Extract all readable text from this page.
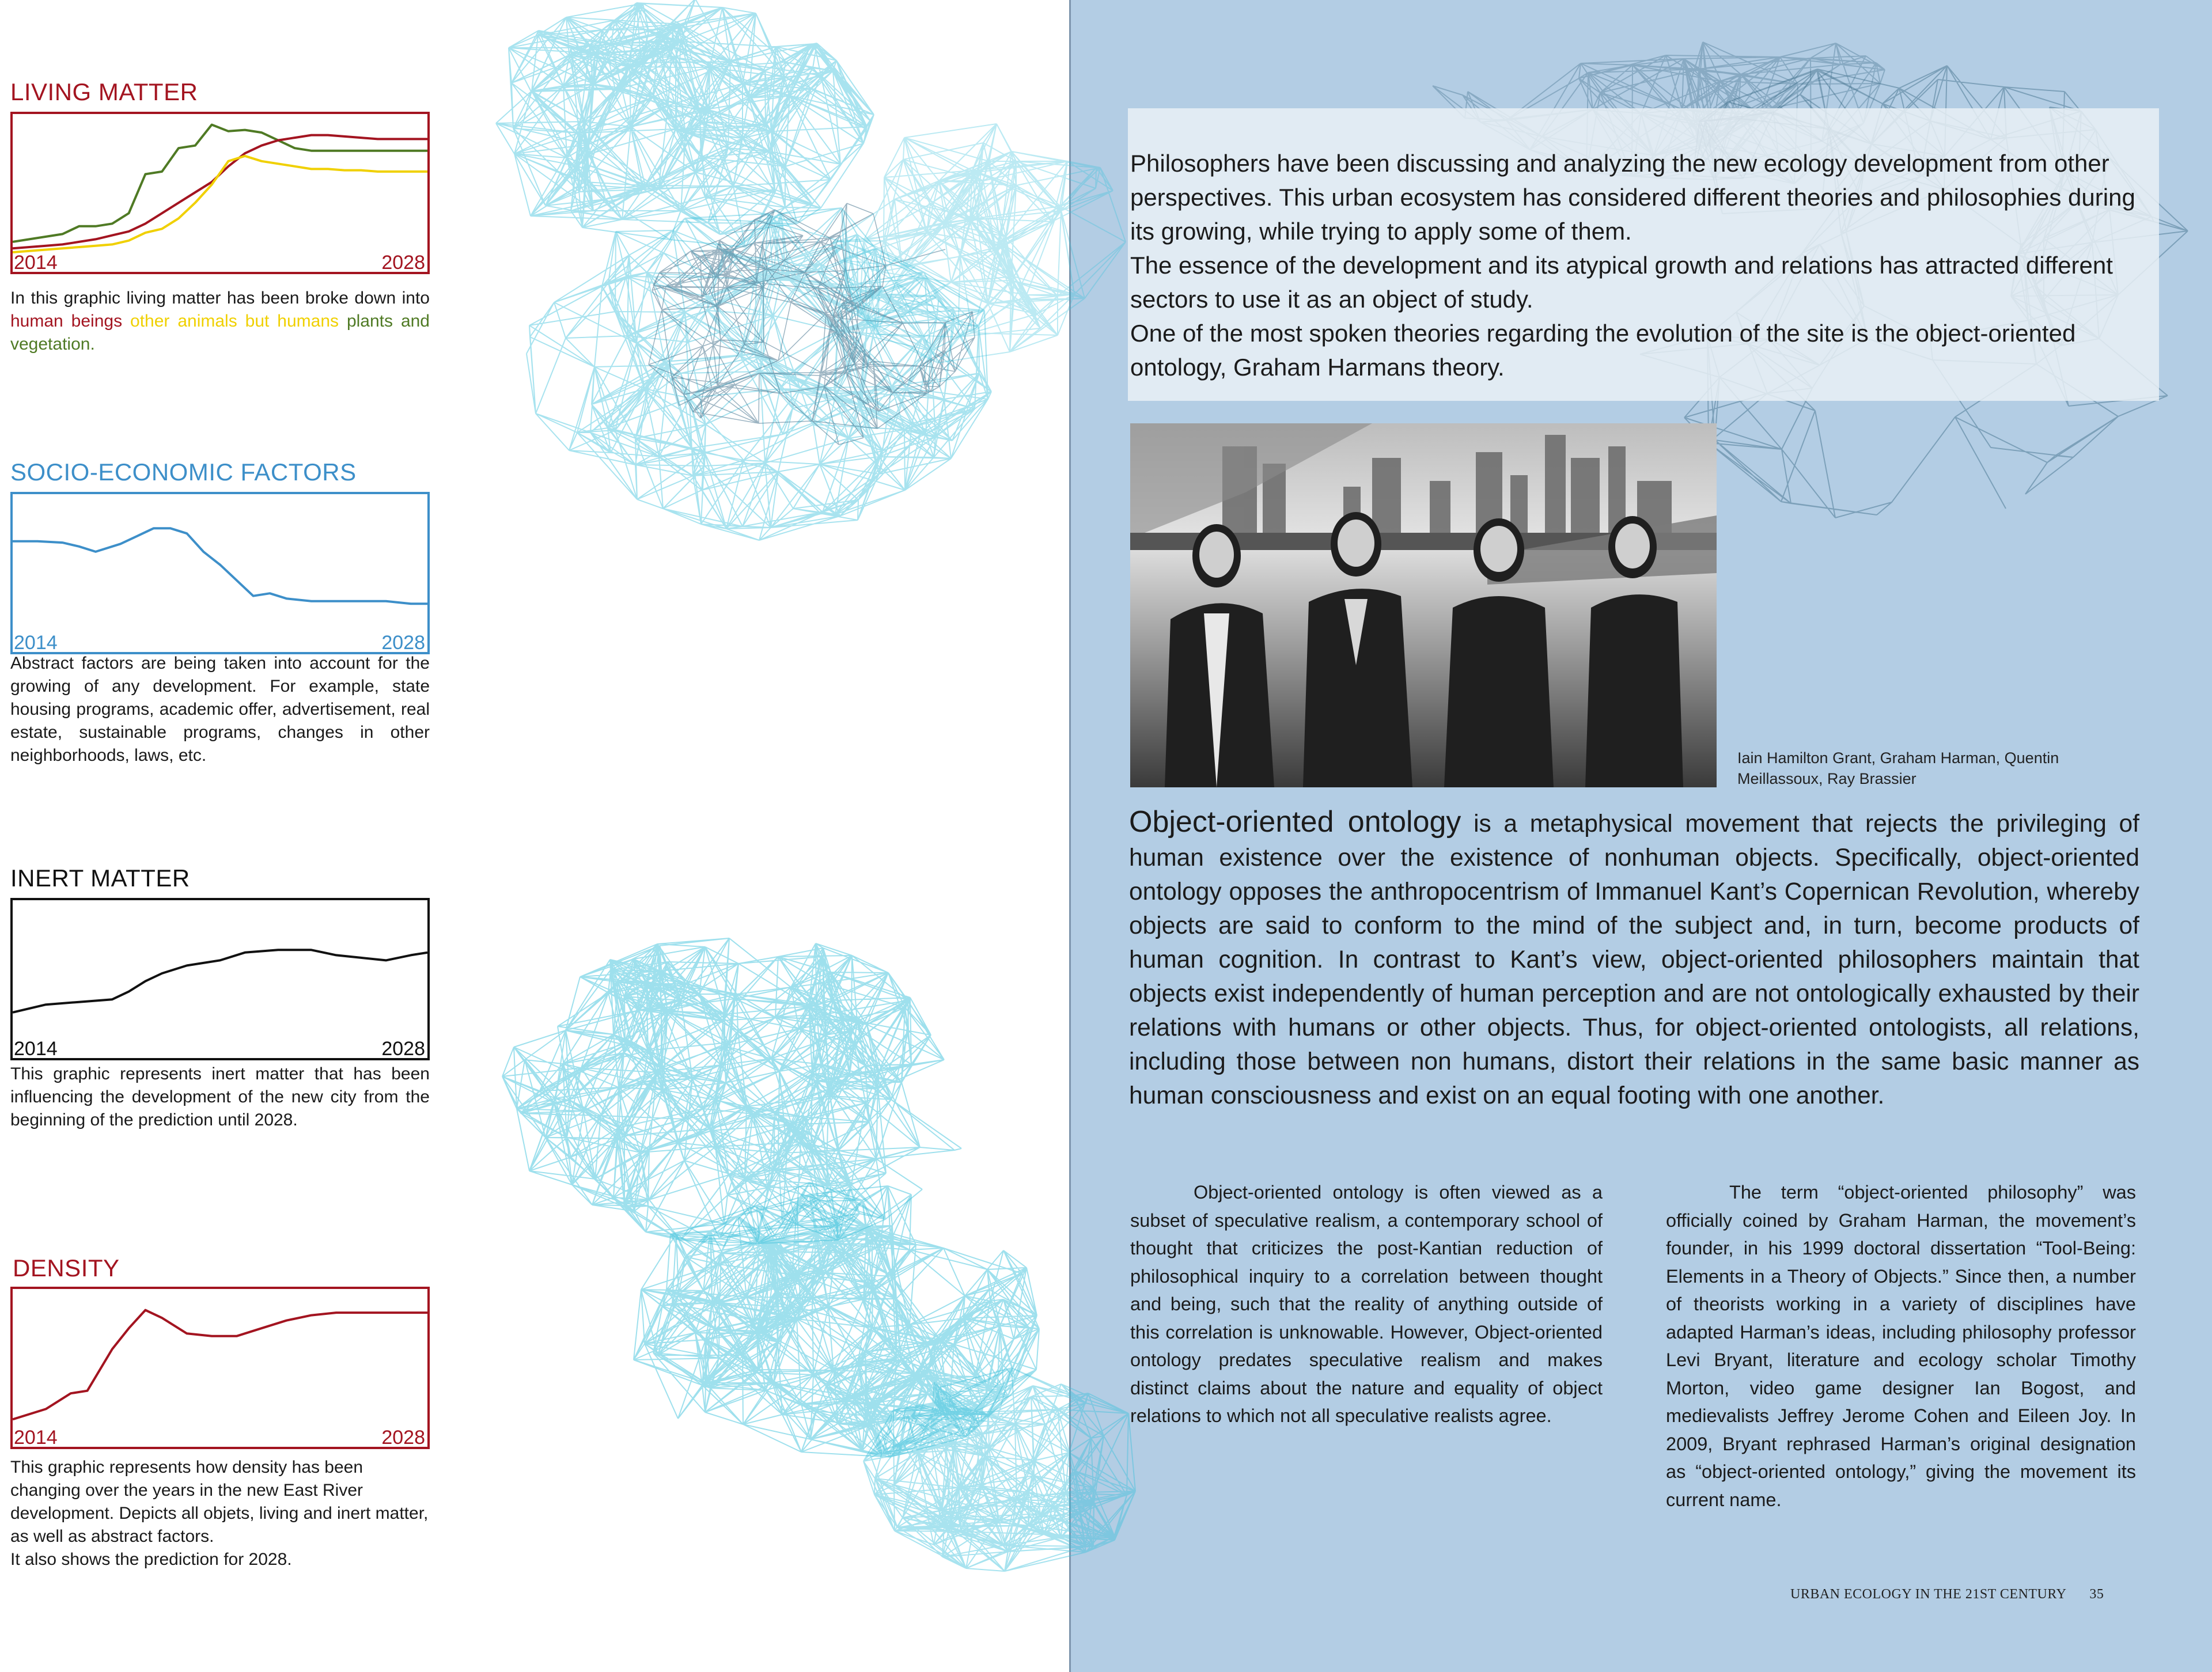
LIVING MATTER
2014	2028
In this graphic living matter has been broke down into human beings other animals but humans plants and vegetation.
SOCIO-ECONOMIC FACTORS
2014	2028
Abstract factors are being taken into account for the growing of any development. For example, state housing programs, academic offer, advertisement, real estate, sustainable programs, changes in other neighborhoods, laws, etc.
INERT MATTER
2014	2028
This graphic represents inert matter that has been influencing the development of the new city from the beginning of the prediction until 2028.
DENSITY
2014	2028
This graphic represents how density has been changing over the years in the new East River development. Depicts all objets, living and inert matter, as well as abstract factors.
It also shows the prediction for 2028.

Philosophers have been discussing and analyzing the new ecology development from other perspectives. This urban ecosystem has considered different theories and philosophies during its growing, while trying to apply some of them.

The essence of the development and its atypical growth and relations has attracted different sectors to use it as an object of study.

One of the most spoken theories regarding the evolution of the site is the object-oriented ontology, Graham Harmans theory.

Iain Hamilton Grant, Graham Harman, Quentin Meillassoux, Ray Brassier
Object-oriented ontology is a metaphysical movement that rejects the privileging of human existence over the existence of nonhuman objects. Specifically, object-oriented ontology opposes the anthropocentrism of Immanuel Kant’s Copernican Revolution, whereby objects are said to conform to the mind of the subject and, in turn, become products of human cognition. In contrast to Kant’s view, object-oriented philosophers maintain that objects exist independently of human perception and are not ontologically exhausted by their relations with humans or other objects. Thus, for object-oriented ontologists, all relations, including those between non humans, distort their relations in the same basic manner as human consciousness and exist on an equal footing with one another.
Object-oriented ontology is often viewed as a subset of speculative realism, a contemporary school of thought that criticizes the post-Kantian reduction of philosophical inquiry to a correlation between thought and being, such that the reality of anything outside of this correlation is unknowable. However, Object-oriented ontology predates speculative realism and makes distinct claims about the nature and equality of object relations to which not all speculative realists agree.
The term “object-oriented philosophy” was officially coined by Graham Harman, the movement’s founder, in his 1999 doctoral dissertation “Tool-Being: Elements in a Theory of Objects.” Since then, a number of theorists working in a variety of disciplines have adapted Harman’s ideas, including philosophy professor Levi Bryant, literature and ecology scholar Timothy Morton, video game designer Ian Bogost, and medievalists Jeffrey Jerome Cohen and Eileen Joy. In 2009, Bryant rephrased Harman’s original designation as “object-oriented ontology,” giving the movement its current name.
URBAN ECOLOGY IN THE 21ST CENTURY 35
